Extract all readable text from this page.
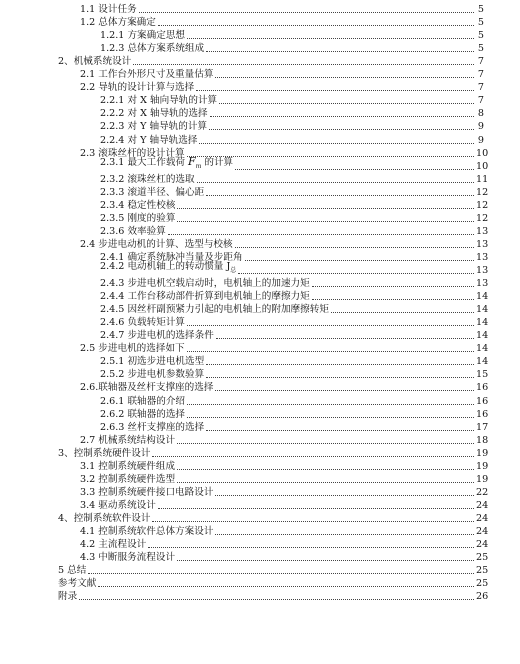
1.1 设计任务	5
1.2 总体方案确定	5
1.2.1 方案确定思想	5
1.2.3 总体方案系统组成	5
2、机械系统设计	7
2.1 工作台外形尺寸及重量估算	7
2.2 导轨的设计计算与选择	7
2.2.1 对 X 轴向导轨的计算	7
2.2.2 对 X 轴导轨的选择	8
2.2.3 对 Y 轴导轨的计算	9
2.2.4 对 Y 轴导轨选择	9
2.3 滚珠丝杆的设计计算	10
2.3.1 最大工作载荷 $F_m$ 的计算	10
2.3.2 滚珠丝杠的选取	11
2.3.3 滚道半径、偏心距	12
2.3.4 稳定性校核	12
2.3.5 刚度的验算	12
2.3.6 效率验算	13
2.4 步进电动机的计算、选型与校核	13
2.4.1 确定系统脉冲当量及步距角	13
2.4.2 电动机轴上的转动惯量 $J_总$	13
2.4.3 步进电机空载启动时，电机轴上的加速力矩	13
2.4.4 工作台移动部件折算到电机轴上的摩擦力矩	14
2.4.5 因丝杆副预紧力引起的电机轴上的附加摩擦转矩	14
2.4.6 负载转矩计算	14
2.4.7 步进电机的选择条件	14
2.5 步进电机的选择如下	14
2.5.1 初选步进电机选型	14
2.5.2 步进电机参数验算	15
2.6.联轴器及丝杆支撑座的选择	16
2.6.1 联轴器的介绍	16
2.6.2 联轴器的选择	16
2.6.3 丝杆支撑座的选择	17
2.7 机械系统结构设计	18
3、控制系统硬件设计	19
3.1 控制系统硬件组成	19
3.2 控制系统硬件选型	19
3.3 控制系统硬件接口电路设计	22
3.4 驱动系统设计	24
4、控制系统软件设计	24
4.1 控制系统软件总体方案设计	24
4.2 主流程设计	24
4.3 中断服务流程设计	25
5 总结	25
参考文献	25
附录	26
